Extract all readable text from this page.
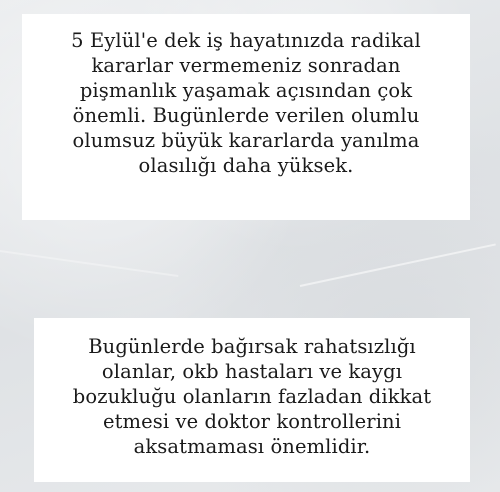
5 Eylül'e dek iş hayatınızda radikal
kararlar vermemeniz sonradan
pişmanlık yaşamak açısından çok
önemli. Bugünlerde verilen olumlu
olumsuz büyük kararlarda yanılma
olasılığı daha yüksek.
Bugünlerde bağırsak rahatsızlığı
olanlar, okb hastaları ve kaygı
bozukluğu olanların fazladan dikkat
etmesi ve doktor kontrollerini
aksatmaması önemlidir.
